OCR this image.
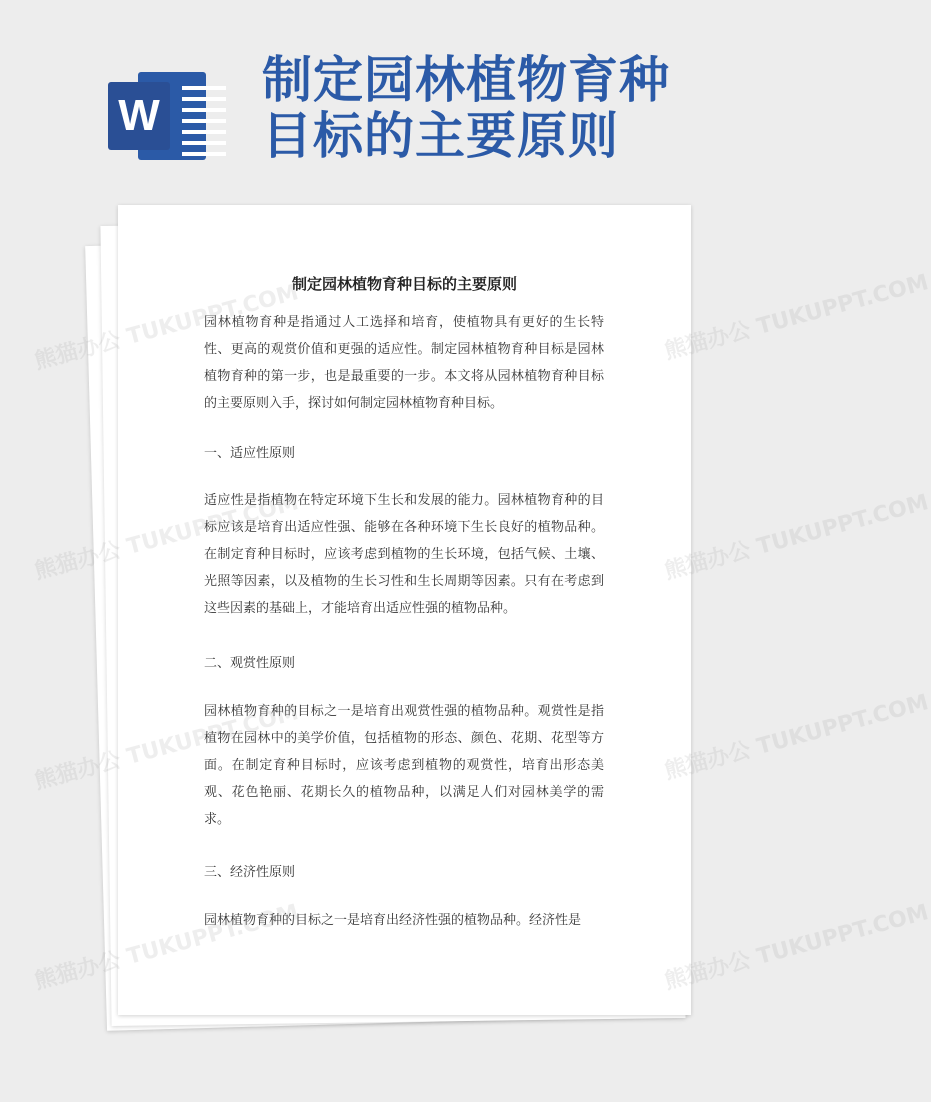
W
制定园林植物育种
目标的主要原则
制定园林植物育种目标的主要原则
园林植物育种是指通过人工选择和培育，使植物具有更好的生长特性、更高的观赏价值和更强的适应性。制定园林植物育种目标是园林植物育种的第一步，也是最重要的一步。本文将从园林植物育种目标的主要原则入手，探讨如何制定园林植物育种目标。
一、适应性原则
适应性是指植物在特定环境下生长和发展的能力。园林植物育种的目标应该是培育出适应性强、能够在各种环境下生长良好的植物品种。在制定育种目标时，应该考虑到植物的生长环境，包括气候、土壤、光照等因素，以及植物的生长习性和生长周期等因素。只有在考虑到这些因素的基础上，才能培育出适应性强的植物品种。
二、观赏性原则
园林植物育种的目标之一是培育出观赏性强的植物品种。观赏性是指植物在园林中的美学价值，包括植物的形态、颜色、花期、花型等方面。在制定育种目标时，应该考虑到植物的观赏性，培育出形态美观、花色艳丽、花期长久的植物品种，以满足人们对园林美学的需求。
三、经济性原则
园林植物育种的目标之一是培育出经济性强的植物品种。经济性是
熊猫办公	熊猫办公 TUKUPPT.COM
熊猫办公	熊猫办公 TUKUPPT.COM
熊猫办公	熊猫办公 TUKUPPT.COM
熊猫办公	熊猫办公 TUKUPPT.COM
